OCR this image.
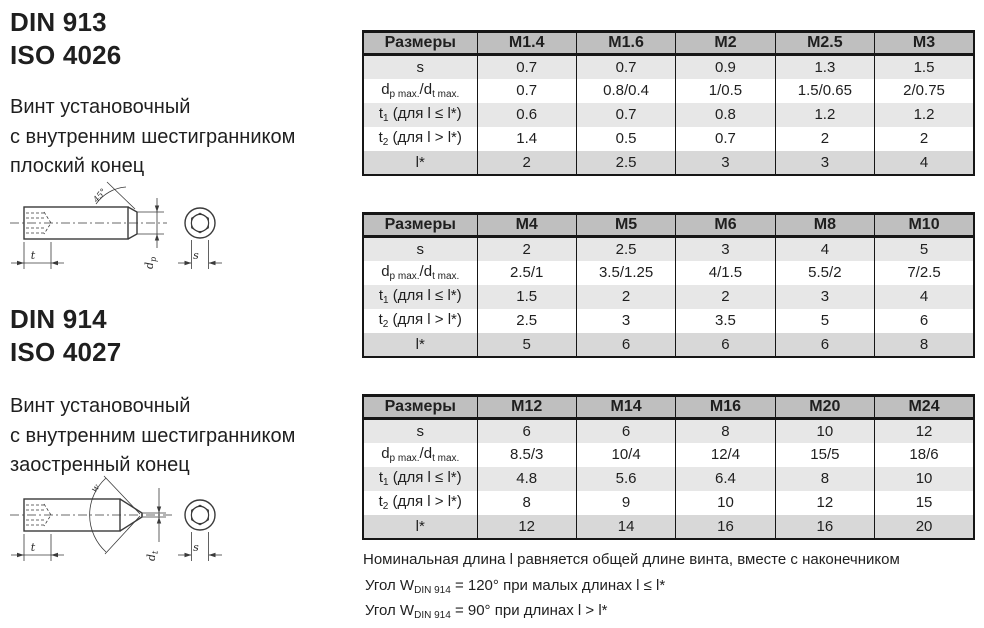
DIN 913
ISO 4026
Винт установочный
с внутренним шестигранником
плоский конец
t	s
d
p
45°
DIN 914
ISO 4027
Винт установочный
с внутренним шестигранником
заостренный конец
t	s
d
t
w
Размеры	M1.4	M1.6	M2	M2.5	M3
s	0.7	0.7	0.9	1.3	1.5
$d_{p max.}/d_{t max.}$	0.7	0.8/0.4	1/0.5	1.5/0.65	2/0.75
$t_1$ (для l ≤ l*)	0.6	0.7	0.8	1.2	1.2
$t_2$ (для l > l*)	1.4	0.5	0.7	2	2
l*	2	2.5	3	3	4
Размеры	M4	M5	M6	M8	M10
s	2	2.5	3	4	5
$d_{p max.}/d_{t max.}$	2.5/1	3.5/1.25	4/1.5	5.5/2	7/2.5
$t_1$ (для l ≤ l*)	1.5	2	2	3	4
$t_2$ (для l > l*)	2.5	3	3.5	5	6
l*	5	6	6	6	8
Размеры	M12	M14	M16	M20	M24
s	6	6	8	10	12
$d_{p max.}/d_{t max.}$	8.5/3	10/4	12/4	15/5	18/6
$t_1$ (для l ≤ l*)	4.8	5.6	6.4	8	10
$t_2$ (для l > l*)	8	9	10	12	15
l*	12	14	16	16	20
Номинальная длина l равняется общей длине винта, вместе с наконечником
Угол $W_{DIN 914} = 120^\circ$ при малых длинах l ≤ l*
Угол $W_{DIN 914} = 90^\circ$ при длинах l > l*
